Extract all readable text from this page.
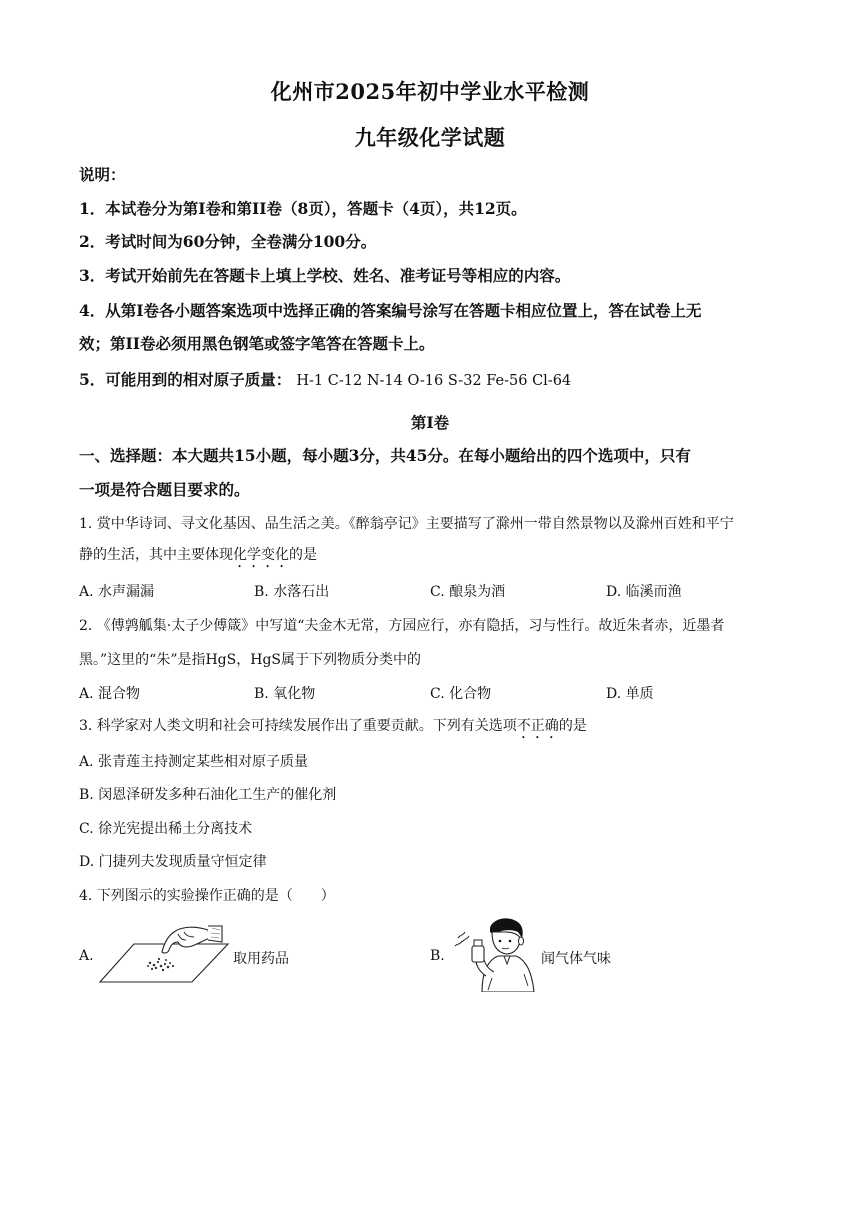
化州市2025年初中学业水平检测
九年级化学试题
说明：
1．本试卷分为第I卷和第II卷（8页），答题卡（4页），共12页。
2．考试时间为60分钟，全卷满分100分。
3．考试开始前先在答题卡上填上学校、姓名、准考证号等相应的内容。
4．从第I卷各小题答案选项中选择正确的答案编号涂写在答题卡相应位置上，答在试卷上无
效；第II卷必须用黑色钢笔或签字笔答在答题卡上。
5．可能用到的相对原子质量： H-1 C-12 N-14 O-16 S-32 Fe-56 Cl-64
第I卷
一、选择题：本大题共15小题，每小题3分，共45分。在每小题给出的四个选项中，只有
一项是符合题目要求的。
1. 赏中华诗词、寻文化基因、品生活之美。《醉翁亭记》主要描写了滁州一带自然景物以及滁州百姓和平宁
静的生活，其中主要体现化学变化的是
A. 水声漏漏	B. 水落石出	C. 酿泉为酒	D. 临溪而渔
2. 《傅鹑觚集·太子少傅箴》中写道“夫金木无常，方园应行，亦有隐括，习与性行。故近朱者赤，近墨者
黑。”这里的“朱”是指HgS，HgS属于下列物质分类中的
A. 混合物	B. 氧化物	C. 化合物	D. 单质
3. 科学家对人类文明和社会可持续发展作出了重要贡献。下列有关选项不正确的是
A. 张青莲主持测定某些相对原子质量
B. 闵恩泽研发多种石油化工生产的催化剂
C. 徐光宪提出稀土分离技术
D. 门捷列夫发现质量守恒定律
4. 下列图示的实验操作正确的是（　　）
A.	取用药品	B.	闻气体气味
